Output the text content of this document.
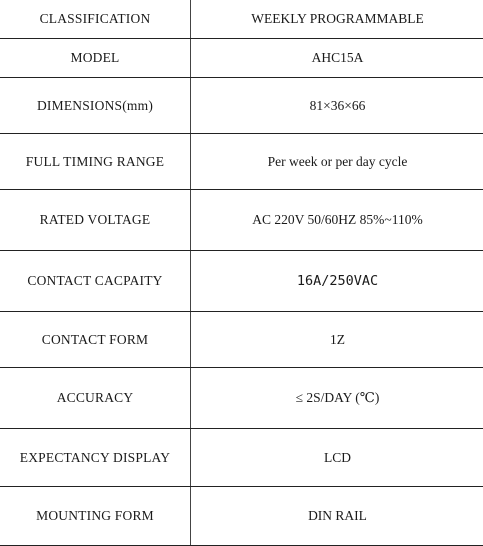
CLASSIFICATION	WEEKLY PROGRAMMABLE
MODEL	AHC15A
DIMENSIONS(mm)	81×36×66
FULL TIMING RANGE	Per week or per day cycle
RATED VOLTAGE	AC 220V 50/60HZ 85%~110%
CONTACT CACPAITY	16A/250VAC
CONTACT FORM	1Z
ACCURACY	≤ 2S/DAY (℃)
EXPECTANCY DISPLAY	LCD
MOUNTING FORM	DIN RAIL
